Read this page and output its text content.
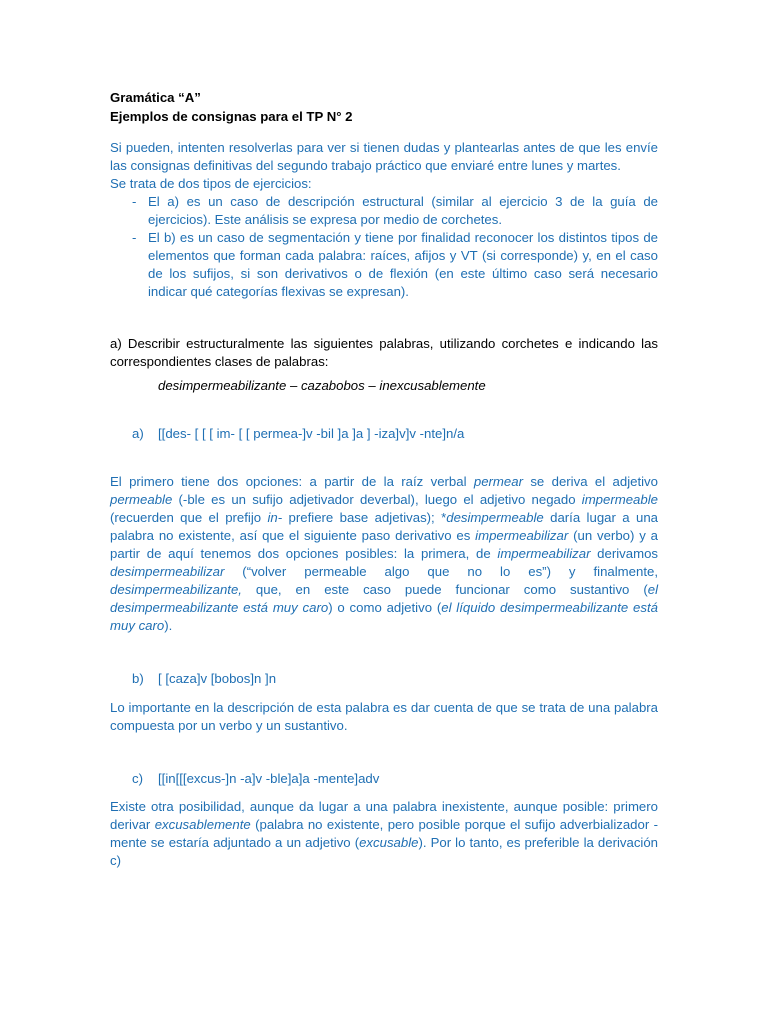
Gramática “A”

Ejemplos de consignas para el TP N° 2

Si pueden, intenten resolverlas para ver si tienen dudas y plantearlas antes de que les envíe las consignas definitivas del segundo trabajo práctico que enviaré entre lunes y martes.

Se trata de dos tipos de ejercicios:

- El a) es un caso de descripción estructural (similar al ejercicio 3 de la guía de ejercicios). Este análisis se expresa por medio de corchetes.
- El b) es un caso de segmentación y tiene por finalidad reconocer los distintos tipos de elementos que forman cada palabra: raíces, afijos y VT (si corresponde) y, en el caso de los sufijos, si son derivativos o de flexión (en este último caso será necesario indicar qué categorías flexivas se expresan).

a) Describir estructuralmente las siguientes palabras, utilizando corchetes e indicando las correspondientes clases de palabras:

desimpermeabilizante – cazabobos – inexcusablemente

a) [[des- [ [ [ im- [ [ permea-]v -bil ]a ]a ] -iza]v]v -nte]n/a

El primero tiene dos opciones: a partir de la raíz verbal permear se deriva el adjetivo permeable (-ble es un sufijo adjetivador deverbal), luego el adjetivo negado impermeable (recuerden que el prefijo in- prefiere base adjetivas); *desimpermeable daría lugar a una palabra no existente, así que el siguiente paso derivativo es impermeabilizar (un verbo) y a partir de aquí tenemos dos opciones posibles: la primera, de impermeabilizar derivamos desimpermeabilizar (“volver permeable algo que no lo es”) y finalmente, desimpermeabilizante, que, en este caso puede funcionar como sustantivo (el desimpermeabilizante está muy caro) o como adjetivo (el líquido desimpermeabilizante está muy caro).

b) [ [caza]v [bobos]n ]n

Lo importante en la descripción de esta palabra es dar cuenta de que se trata de una palabra compuesta por un verbo y un sustantivo.

c) [[in[[[excus-]n -a]v -ble]a]a -mente]adv

Existe otra posibilidad, aunque da lugar a una palabra inexistente, aunque posible: primero derivar excusablemente (palabra no existente, pero posible porque el sufijo adverbializador -mente se estaría adjuntado a un adjetivo (excusable). Por lo tanto, es preferible la derivación c)
